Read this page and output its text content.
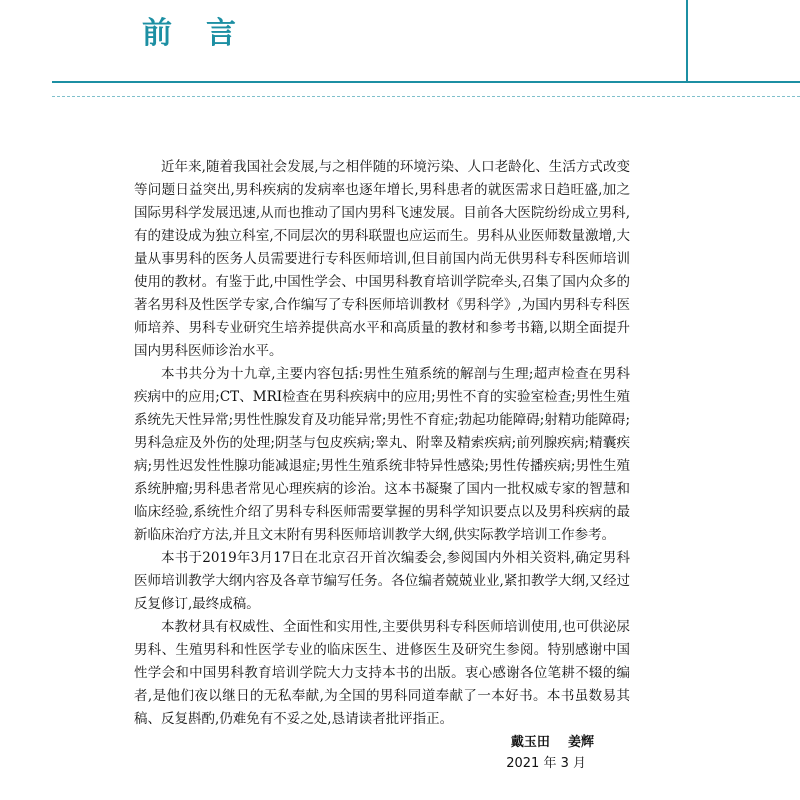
前言

近年来,随着我国社会发展,与之相伴随的环境污染、人口老龄化、生活方式改变等问题日益突出,男科疾病的发病率也逐年增长,男科患者的就医需求日趋旺盛,加之国际男科学发展迅速,从而也推动了国内男科飞速发展。目前各大医院纷纷成立男科,有的建设成为独立科室,不同层次的男科联盟也应运而生。男科从业医师数量激增,大量从事男科的医务人员需要进行专科医师培训,但目前国内尚无供男科专科医师培训使用的教材。有鉴于此,中国性学会、中国男科教育培训学院牵头,召集了国内众多的著名男科及性医学专家,合作编写了专科医师培训教材《男科学》,为国内男科专科医师培养、男科专业研究生培养提供高水平和高质量的教材和参考书籍,以期全面提升国内男科医师诊治水平。

本书共分为十九章,主要内容包括:男性生殖系统的解剖与生理;超声检查在男科疾病中的应用;CT、MRI检查在男科疾病中的应用;男性不育的实验室检查;男性生殖系统先天性异常;男性性腺发育及功能异常;男性不育症;勃起功能障碍;射精功能障碍;男科急症及外伤的处理;阴茎与包皮疾病;睾丸、附睾及精索疾病;前列腺疾病;精囊疾病;男性迟发性性腺功能减退症;男性生殖系统非特异性感染;男性传播疾病;男性生殖系统肿瘤;男科患者常见心理疾病的诊治。这本书凝聚了国内一批权威专家的智慧和临床经验,系统性介绍了男科专科医师需要掌握的男科学知识要点以及男科疾病的最新临床治疗方法,并且文末附有男科医师培训教学大纲,供实际教学培训工作参考。

本书于2019年3月17日在北京召开首次编委会,参阅国内外相关资料,确定男科医师培训教学大纲内容及各章节编写任务。各位编者兢兢业业,紧扣教学大纲,又经过反复修订,最终成稿。

本教材具有权威性、全面性和实用性,主要供男科专科医师培训使用,也可供泌尿男科、生殖男科和性医学专业的临床医生、进修医生及研究生参阅。特别感谢中国性学会和中国男科教育培训学院大力支持本书的出版。衷心感谢各位笔耕不辍的编者,是他们夜以继日的无私奉献,为全国的男科同道奉献了一本好书。本书虽数易其稿、反复斟酌,仍难免有不妥之处,恳请读者批评指正。

戴玉田    姜辉
2021 年 3 月
